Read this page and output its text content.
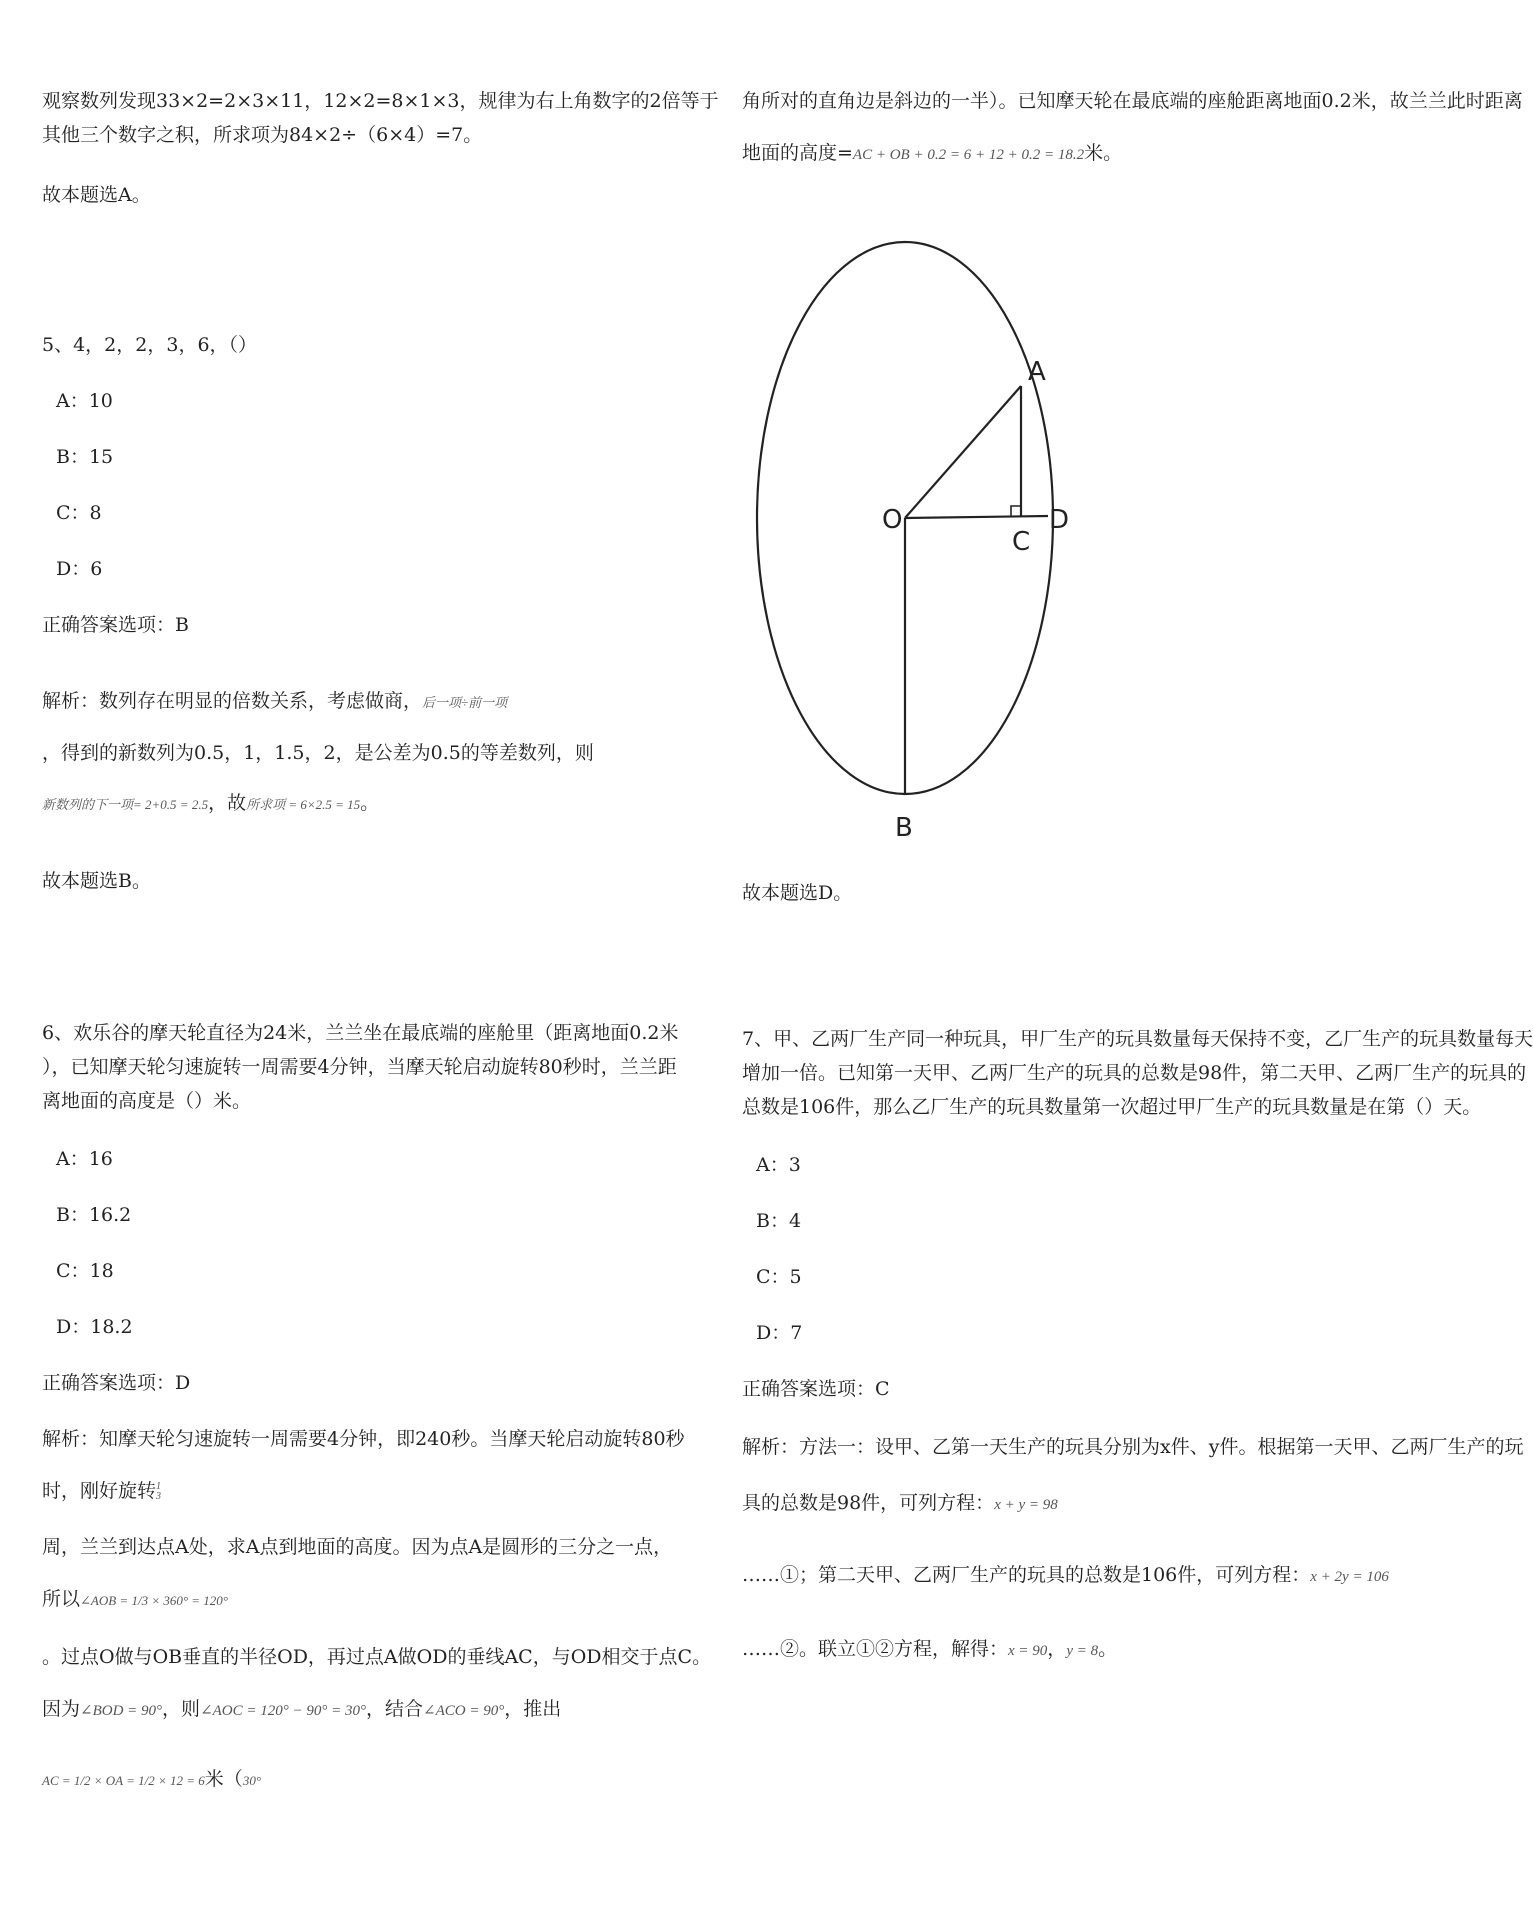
观察数列发现33×2=2×3×11，12×2=8×1×3，规律为右上角数字的2倍等于
其他三个数字之积，所求项为84×2÷（6×4）=7。
故本题选A。
5、4，2，2，3，6，（）
A：10
B：15
C：8
D：6
正确答案选项：B
解析：数列存在明显的倍数关系，考虑做商，后一项÷前一项
，得到的新数列为0.5，1，1.5，2，是公差为0.5的等差数列，则
新数列的下一项= 2+0.5 = 2.5，故所求项 = 6×2.5 = 15。
故本题选B。
6、欢乐谷的摩天轮直径为24米，兰兰坐在最底端的座舱里（距离地面0.2米
），已知摩天轮匀速旋转一周需要4分钟，当摩天轮启动旋转80秒时，兰兰距
离地面的高度是（）米。
A：16
B：16.2
C：18
D：18.2
正确答案选项：D
解析：知摩天轮匀速旋转一周需要4分钟，即240秒。当摩天轮启动旋转80秒
时，刚好旋转 1
3
周，兰兰到达点A处，求A点到地面的高度。因为点A是圆形的三分之一点，
所以∠AOB = 1/3 × 360° = 120°
。过点O做与OB垂直的半径OD，再过点A做OD的垂线AC，与OD相交于点C。
因为∠BOD = 90°，则∠AOC = 120° − 90° = 30°，结合∠ACO = 90°，推出
AC = 1/2 × OA = 1/2 × 12 = 6米（30°
角所对的直角边是斜边的一半）。已知摩天轮在最底端的座舱距离地面0.2米，故兰兰此时距离
地面的高度=AC + OB + 0.2 = 6 + 12 + 0.2 = 18.2米。
A
O
C
D
B
故本题选D。
7、甲、乙两厂生产同一种玩具，甲厂生产的玩具数量每天保持不变，乙厂生产的玩具数量每天
增加一倍。已知第一天甲、乙两厂生产的玩具的总数是98件，第二天甲、乙两厂生产的玩具的
总数是106件，那么乙厂生产的玩具数量第一次超过甲厂生产的玩具数量是在第（）天。
A：3
B：4
C：5
D：7
正确答案选项：C
解析：方法一：设甲、乙第一天生产的玩具分别为x件、y件。根据第一天甲、乙两厂生产的玩
具的总数是98件，可列方程：x + y = 98
……①；第二天甲、乙两厂生产的玩具的总数是106件，可列方程：x + 2y = 106
……②。联立①②方程，解得：x = 90，y = 8。
